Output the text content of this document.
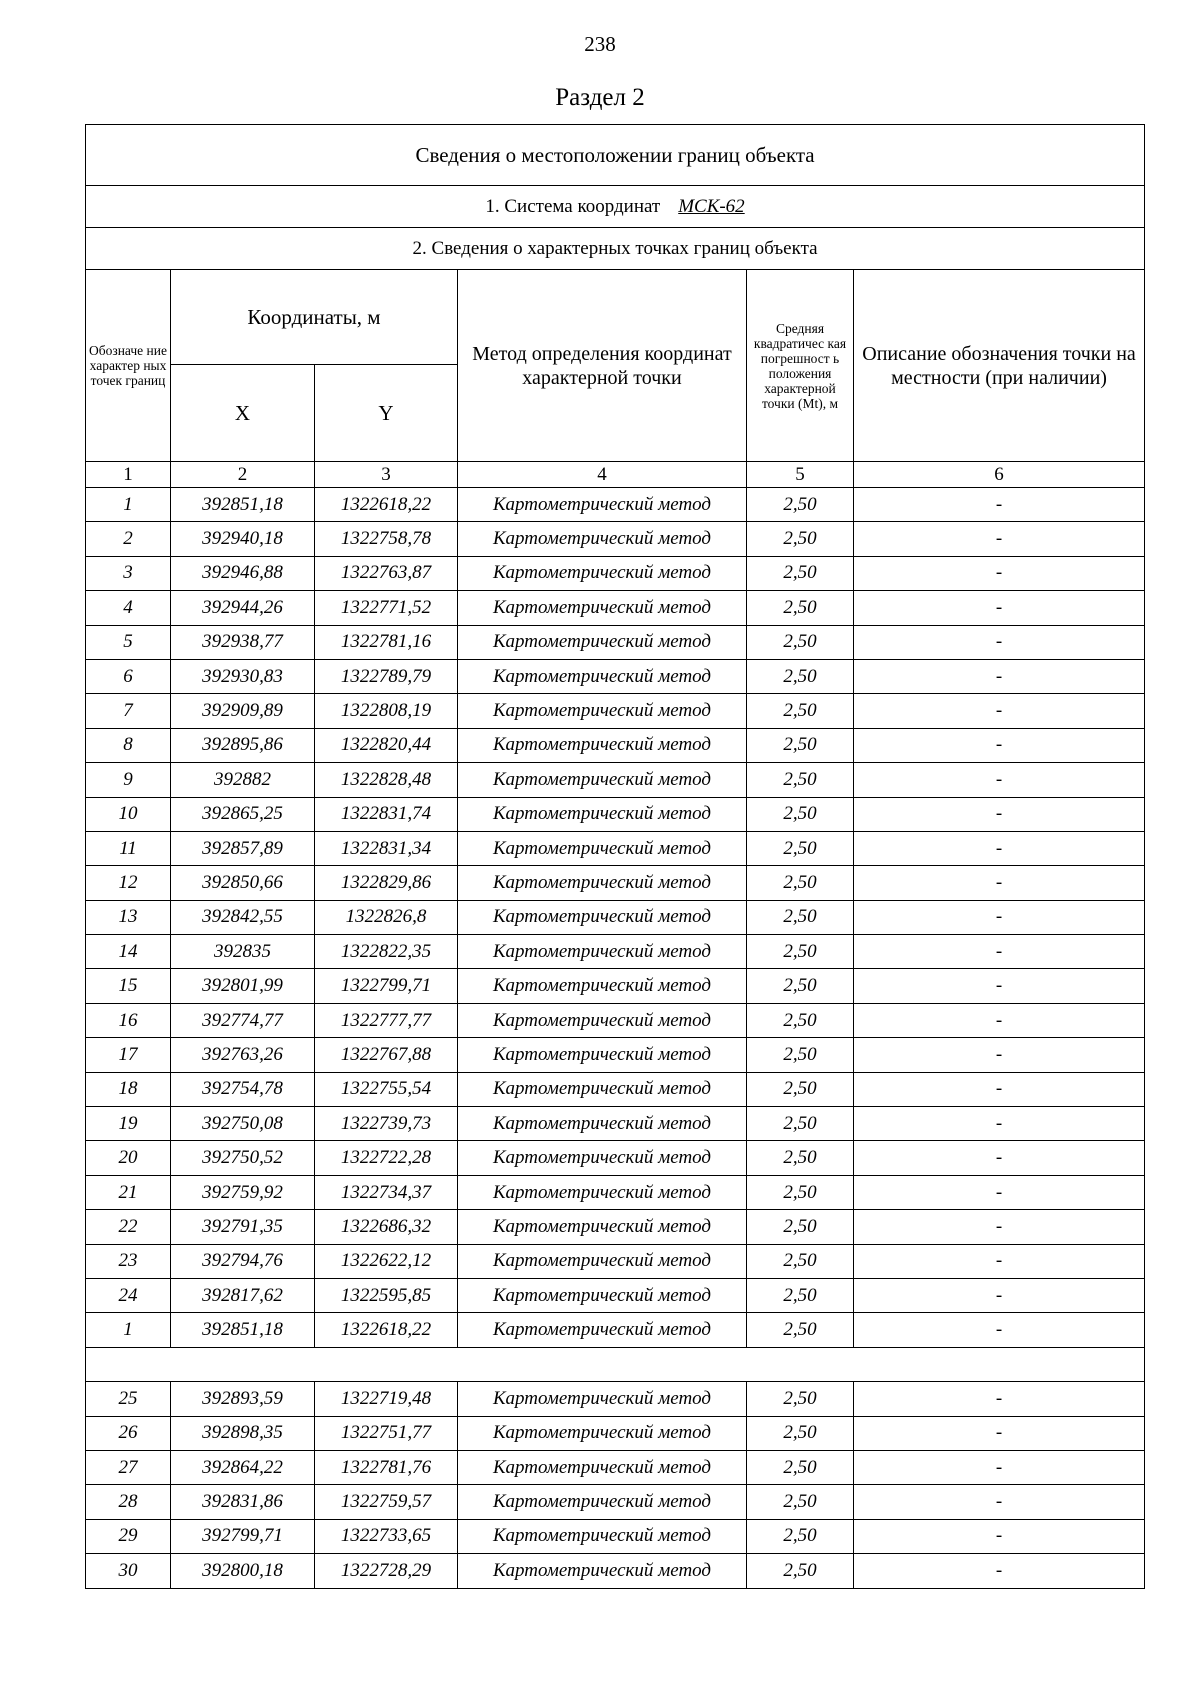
238
Раздел 2
Сведения о местоположении границ объекта					
1. Система координат МСК-62					
2. Сведения о характерных точках границ объекта					
Обозначе ние характер ных точек границ	Координаты, м		Метод определения координат характерной точки	Средняя квадратичес кая погрешност ь положения характерной точки (Mt), м	Описание обозначения точки на местности (при наличии)
	X	Y			
1	2	3	4	5	6
1	392851,18	1322618,22	Картометрический метод	2,50	-
2	392940,18	1322758,78	Картометрический метод	2,50	-
3	392946,88	1322763,87	Картометрический метод	2,50	-
4	392944,26	1322771,52	Картометрический метод	2,50	-
5	392938,77	1322781,16	Картометрический метод	2,50	-
6	392930,83	1322789,79	Картометрический метод	2,50	-
7	392909,89	1322808,19	Картометрический метод	2,50	-
8	392895,86	1322820,44	Картометрический метод	2,50	-
9	392882	1322828,48	Картометрический метод	2,50	-
10	392865,25	1322831,74	Картометрический метод	2,50	-
11	392857,89	1322831,34	Картометрический метод	2,50	-
12	392850,66	1322829,86	Картометрический метод	2,50	-
13	392842,55	1322826,8	Картометрический метод	2,50	-
14	392835	1322822,35	Картометрический метод	2,50	-
15	392801,99	1322799,71	Картометрический метод	2,50	-
16	392774,77	1322777,77	Картометрический метод	2,50	-
17	392763,26	1322767,88	Картометрический метод	2,50	-
18	392754,78	1322755,54	Картометрический метод	2,50	-
19	392750,08	1322739,73	Картометрический метод	2,50	-
20	392750,52	1322722,28	Картометрический метод	2,50	-
21	392759,92	1322734,37	Картометрический метод	2,50	-
22	392791,35	1322686,32	Картометрический метод	2,50	-
23	392794,76	1322622,12	Картометрический метод	2,50	-
24	392817,62	1322595,85	Картометрический метод	2,50	-
1	392851,18	1322618,22	Картометрический метод	2,50	-

25	392893,59	1322719,48	Картометрический метод	2,50	-
26	392898,35	1322751,77	Картометрический метод	2,50	-
27	392864,22	1322781,76	Картометрический метод	2,50	-
28	392831,86	1322759,57	Картометрический метод	2,50	-
29	392799,71	1322733,65	Картометрический метод	2,50	-
30	392800,18	1322728,29	Картометрический метод	2,50	-
